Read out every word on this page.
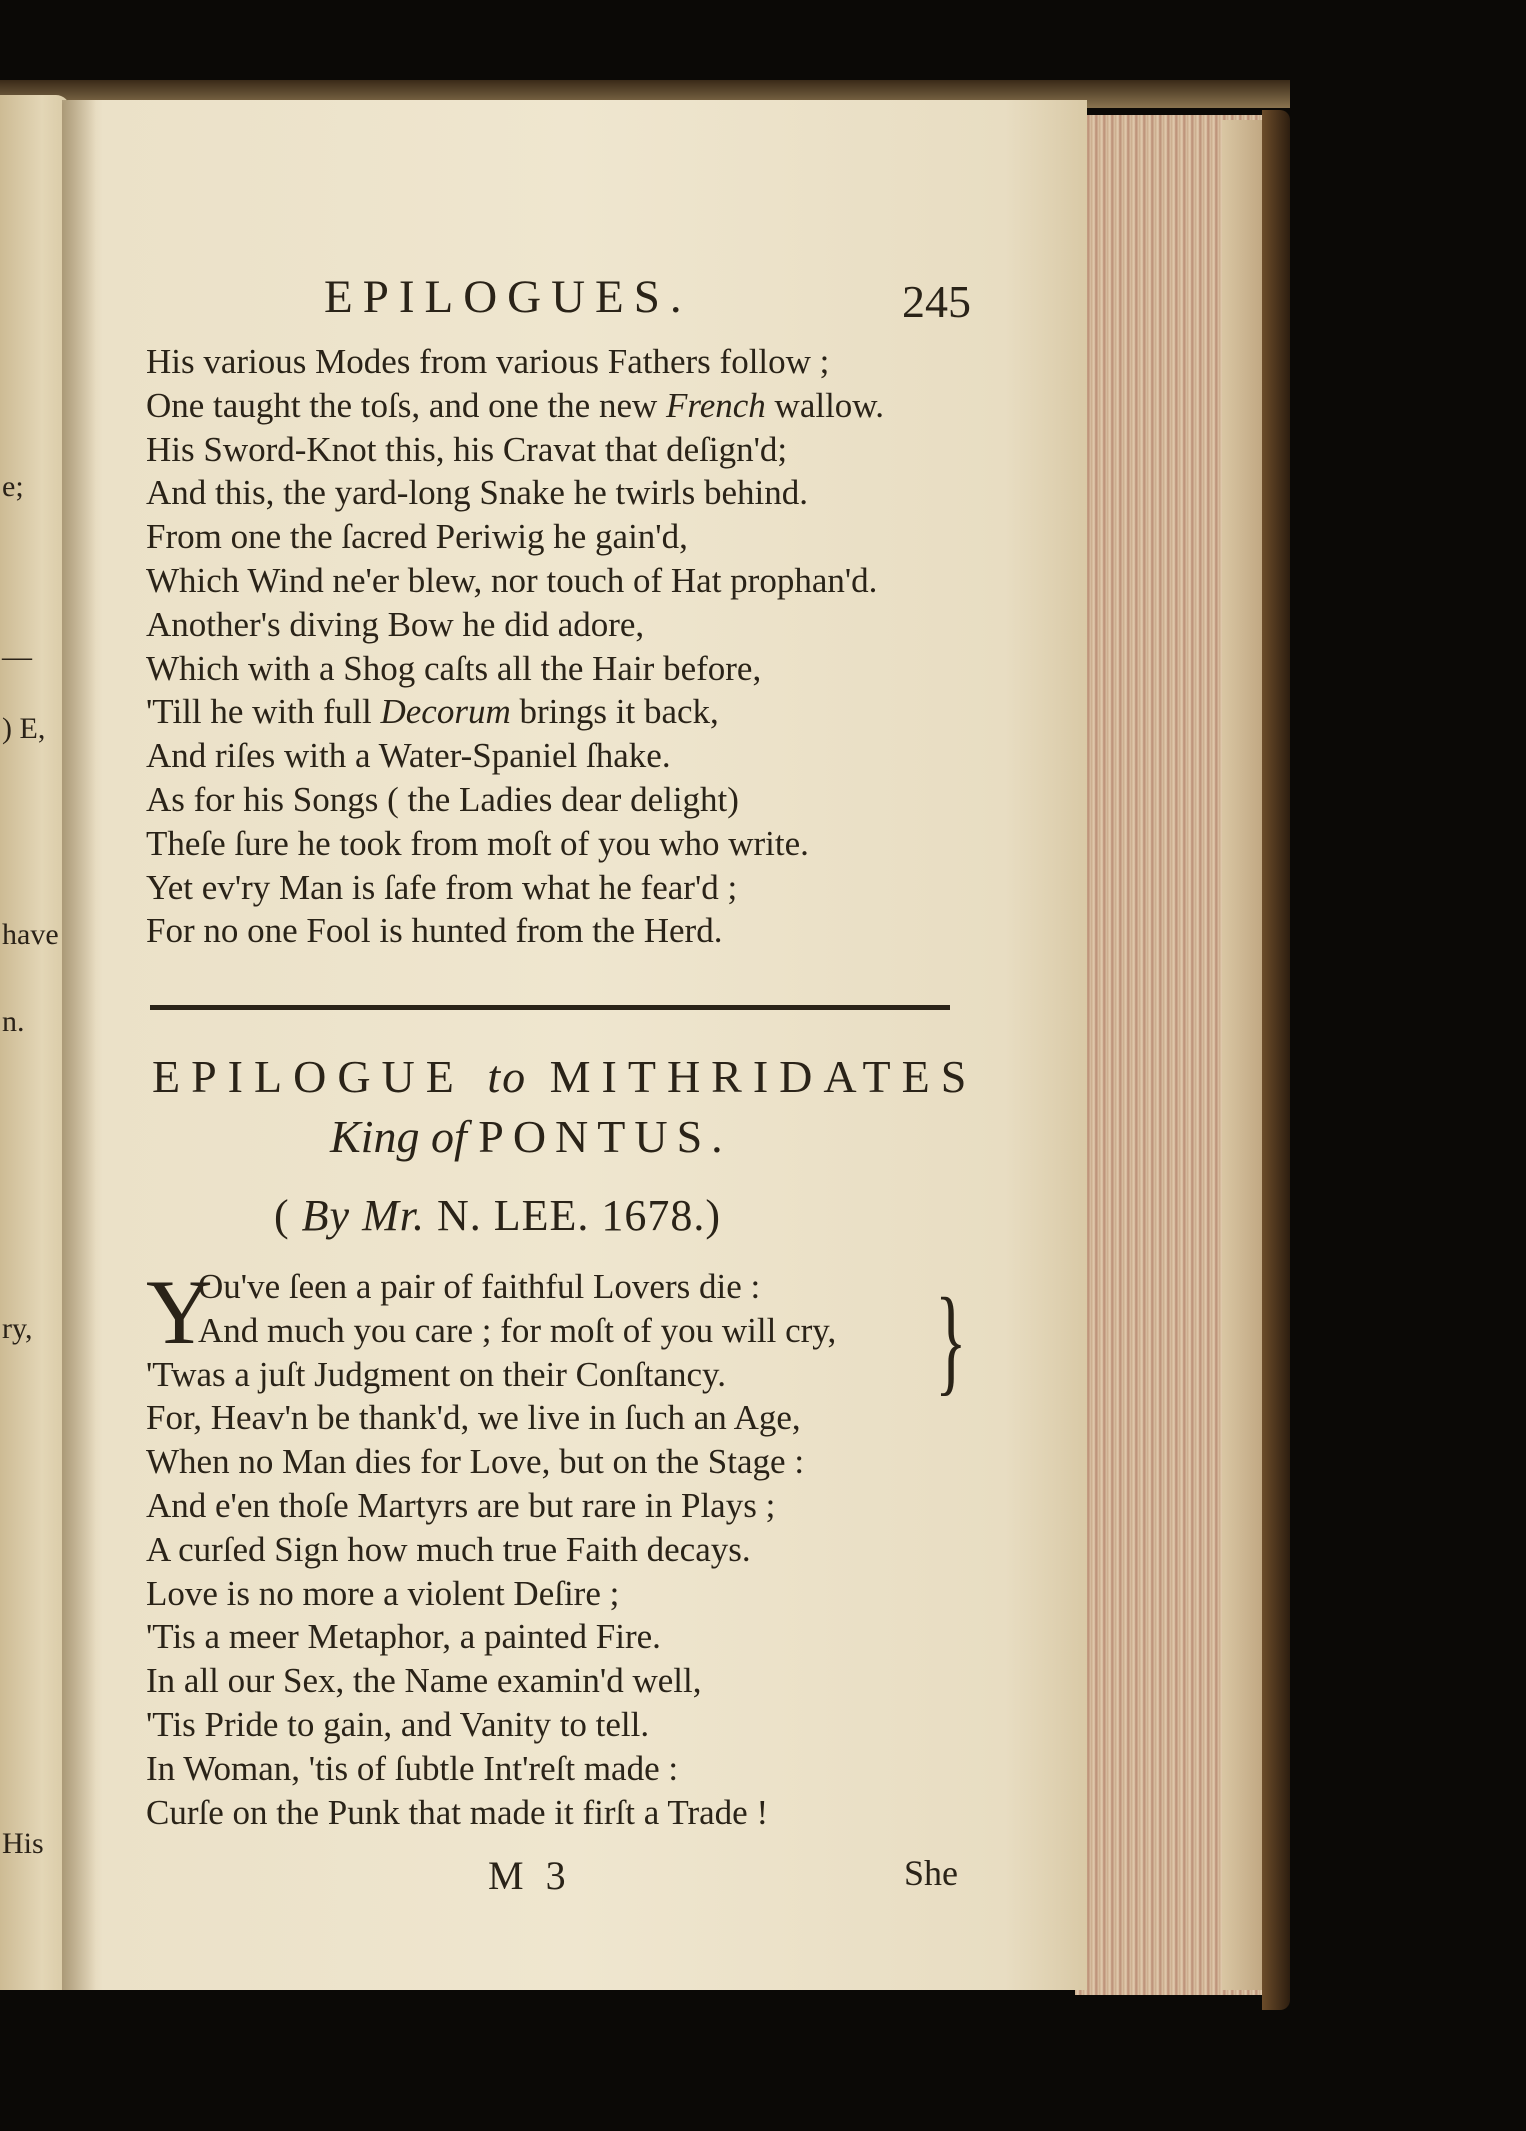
e;
—
) E,
have
n.
ry,
His
EPILOGUES.	245
His various Modes from various Fathers follow ;
One taught the toſs, and one the new French wallow.
His Sword-Knot this, his Cravat that deſign'd;
And this, the yard-long Snake he twirls behind.
From one the ſacred Periwig he gain'd,
Which Wind ne'er blew, nor touch of Hat prophan'd.
Another's diving Bow he did adore,
Which with a Shog caſts all the Hair before,
'Till he with full Decorum brings it back,
And riſes with a Water-Spaniel ſhake.
As for his Songs ( the Ladies dear delight)
Theſe ſure he took from moſt of you who write.
Yet ev'ry Man is ſafe from what he fear'd ;
For no one Fool is hunted from the Herd.
EPILOGUE to MITHRIDATES
King of PONTUS.
( By Mr. N. LEE. 1678.)
Y
Ou've ſeen a pair of faithful Lovers die :
And much you care ; for moſt of you will cry,
'Twas a juſt Judgment on their Conſtancy.
For, Heav'n be thank'd, we live in ſuch an Age,
When no Man dies for Love, but on the Stage :
And e'en thoſe Martyrs are but rare in Plays ;
A curſed Sign how much true Faith decays.
Love is no more a violent Deſire ;
'Tis a meer Metaphor, a painted Fire.
In all our Sex, the Name examin'd well,
'Tis Pride to gain, and Vanity to tell.
In Woman, 'tis of ſubtle Int'reſt made :
Curſe on the Punk that made it firſt a Trade !
}
M 3	She
